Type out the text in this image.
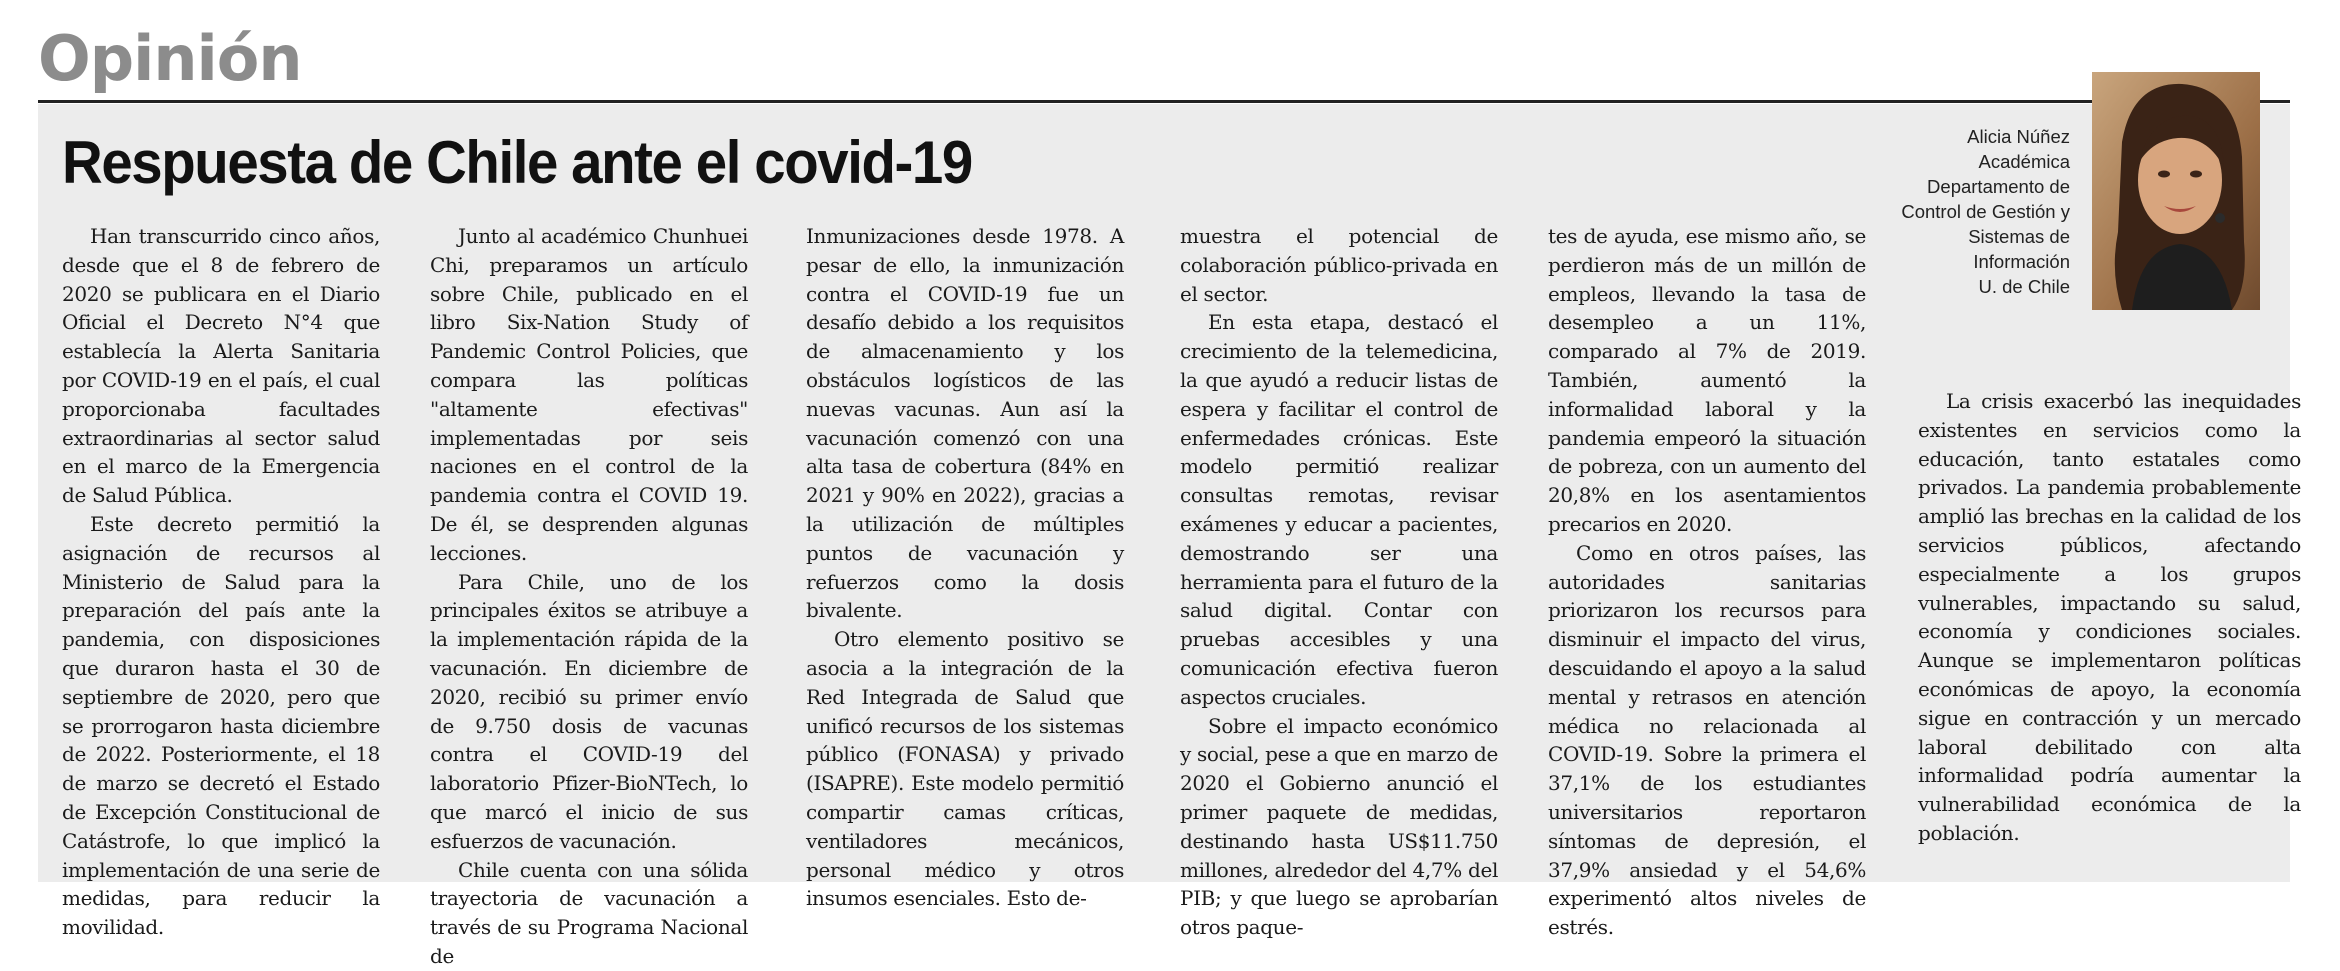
Opinión
Respuesta de Chile ante el covid-19	Alicia Núñez
Académica
Departamento de
Control de Gestión y
Sistemas de
Información
U. de Chile

Han transcurrido cinco años, desde que el 8 de febrero de 2020 se publicara en el Diario Oficial el Decreto N°4 que establecía la Alerta Sanitaria por COVID-19 en el país, el cual proporcionaba facultades extraordinarias al sector salud en el marco de la Emergencia de Salud Pública.

Este decreto permitió la asignación de recursos al Ministerio de Salud para la preparación del país ante la pandemia, con disposiciones que duraron hasta el 30 de septiembre de 2020, pero que se prorrogaron hasta diciembre de 2022. Posteriormente, el 18 de marzo se decretó el Estado de Excepción Constitucional de Catástrofe, lo que implicó la implementación de una serie de medidas, para reducir la movilidad.

Junto al académico Chunhuei Chi, preparamos un artículo sobre Chile, publicado en el libro Six-Nation Study of Pandemic Control Policies, que compara las políticas "altamente efectivas" implementadas por seis naciones en el control de la pandemia contra el COVID 19. De él, se desprenden algunas lecciones.

Para Chile, uno de los principales éxitos se atribuye a la implementación rápida de la vacunación. En diciembre de 2020, recibió su primer envío de 9.750 dosis de vacunas contra el COVID-19 del laboratorio Pfizer-BioNTech, lo que marcó el inicio de sus esfuerzos de vacunación.

Chile cuenta con una sólida trayectoria de vacunación a través de su Programa Nacional de

Inmunizaciones desde 1978. A pesar de ello, la inmunización contra el COVID-19 fue un desafío debido a los requisitos de almacenamiento y los obstáculos logísticos de las nuevas vacunas. Aun así la vacunación comenzó con una alta tasa de cobertura (84% en 2021 y 90% en 2022), gracias a la utilización de múltiples puntos de vacunación y refuerzos como la dosis bivalente.

Otro elemento positivo se asocia a la integración de la Red Integrada de Salud que unificó recursos de los sistemas público (FONASA) y privado (ISAPRE). Este modelo permitió compartir camas críticas, ventiladores mecánicos, personal médico y otros insumos esenciales. Esto de-

muestra el potencial de colaboración público-privada en el sector.

En esta etapa, destacó el crecimiento de la telemedicina, la que ayudó a reducir listas de espera y facilitar el control de enfermedades crónicas. Este modelo permitió realizar consultas remotas, revisar exámenes y educar a pacientes, demostrando ser una herramienta para el futuro de la salud digital. Contar con pruebas accesibles y una comunicación efectiva fueron aspectos cruciales.

Sobre el impacto económico y social, pese a que en marzo de 2020 el Gobierno anunció el primer paquete de medidas, destinando hasta US$11.750 millones, alrededor del 4,7% del PIB; y que luego se aprobarían otros paque-

tes de ayuda, ese mismo año, se perdieron más de un millón de empleos, llevando la tasa de desempleo a un 11%, comparado al 7% de 2019. También, aumentó la informalidad laboral y la pandemia empeoró la situación de pobreza, con un aumento del 20,8% en los asentamientos precarios en 2020.

Como en otros países, las autoridades sanitarias priorizaron los recursos para disminuir el impacto del virus, descuidando el apoyo a la salud mental y retrasos en atención médica no relacionada al COVID-19. Sobre la primera el 37,1% de los estudiantes universitarios reportaron síntomas de depresión, el 37,9% ansiedad y el 54,6% experimentó altos niveles de estrés.

La crisis exacerbó las inequidades existentes en servicios como la educación, tanto estatales como privados. La pandemia probablemente amplió las brechas en la calidad de los servicios públicos, afectando especialmente a los grupos vulnerables, impactando su salud, economía y condiciones sociales. Aunque se implementaron políticas económicas de apoyo, la economía sigue en contracción y un mercado laboral debilitado con alta informalidad podría aumentar la vulnerabilidad económica de la población.
